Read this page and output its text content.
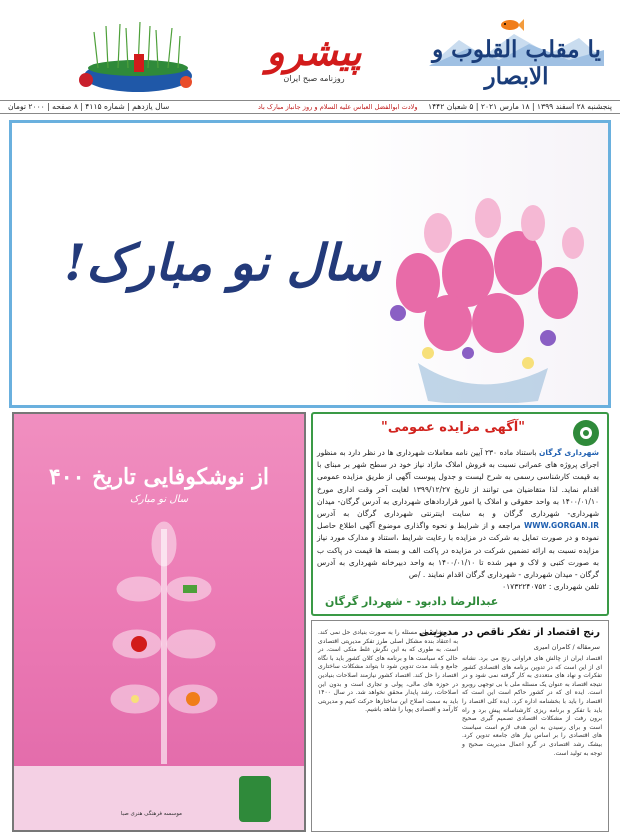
یا مقلب القلوب و الابصار
پیشرو
روزنامه صبح ایران
پنجشنبه ۲۸ اسفند ۱۳۹۹ | ۱۸ مارس ۲۰۲۱ | ۵ شعبان ۱۴۴۲
ولادت ابوالفضل العباس علیه السلام و روز جانباز مبارک باد
سال یازدهم | شماره ۴۱۱۵ | ۸ صفحه | ۲۰۰۰ تومان
سال نو مبارک!
از نوشکوفایی تاریخ ۴۰۰
سال نو مبارک
موسسه فرهنگی هنری صبا
"آگهی مزایده عمومی"
شهرداری گرگان باستناد ماده ۲۳۰ آیین نامه معاملات شهرداری ها در نظر دارد به منظور اجرای پروژه های عمرانی نسبت به فروش املاک مازاد نیاز خود در سطح شهر بر مبنای با به قیمت کارشناسی رسمی به شرح لیست و جدول پیوست آگهی از طریق مزایده عمومی اقدام نماید. لذا متقاضیان می توانند از تاریخ ۱۳۹۹/۱۲/۲۷ لغایت آخر وقت اداری مورخ ۱۴۰۰/۰۱/۱۰ به واحد حقوقی و املاک یا امور قراردادهای شهرداری به آدرس گرگان- میدان شهرداری- شهرداری گرگان و به سایت اینترنتی شهرداری گرگان به آدرس WWW.GORGAN.IR مراجعه و از شرایط و نحوه واگذاری موضوع آگهی اطلاع حاصل نموده و در صورت تمایل به شرکت در مزایده با رعایت شرایط ،استناد و مدارک مورد نیاز مزایده نسبت به ارائه تضمین شرکت در مزایده در پاکت الف و بسته ها قیمت در پاکت ب به صورت کتبی و لاک و مهر شده تا ۱۴۰۰/۰۱/۱۰ به واحد دبیرخانه شهرداری به آدرس گرگان - میدان شهرداری - شهرداری گرگان اقدام نمایند . /ص
تلفن شهرداری : ۰۱۷۳۲۲۴۰۷۵۲
عبدالرضا دادبود - شهردار گرگان
رنج اقتصاد از تفکر ناقص در مدیریتی
سرمقاله / کامران امیری
اقتصاد ایران از چالش های فراوانی رنج می برد. نشانه ای از این است که در تدوین برنامه های اقتصادی کشور تفکرات و نهاد های متعددی به کار گرفته نمی شود و در نتیجه اقتصاد به عنوان یک مسئله ملی با بی توجهی روبرو است. ایده ای که در کشور حاکم است این است که اقتصاد را باید با بخشنامه اداره کرد. ایده کلی اقتصاد را باید با تفکر و برنامه ریزی کارشناسانه پیش برد و راه برون رفت از مشکلات اقتصادی تصمیم گیری صحیح است و برای رسیدن به این هدف لازم است سیاست های اقتصادی را بر اساس نیاز های جامعه تدوین کرد. بیشک رشد اقتصادی در گرو اعمال مدیریت صحیح و توجه به تولید است.
می پوشاند ولی مسئله را به صورت بنیادی حل نمی کند. به اعتقاد بنده مشکل اصلی طرز تفکر مدیریتی اقتصادی است. به طوری که به این نگرش غلط متکی است. در حالی که سیاست ها و برنامه های کلان کشور باید با نگاه جامع و بلند مدت تدوین شود تا بتواند مشکلات ساختاری اقتصاد را حل کند. اقتصاد کشور نیازمند اصلاحات بنیادین در حوزه های مالی، پولی و تجاری است و بدون این اصلاحات، رشد پایدار محقق نخواهد شد. در سال ۱۴۰۰ باید به سمت اصلاح این ساختارها حرکت کنیم و مدیریتی کارآمد و اقتصادی پویا را شاهد باشیم.
